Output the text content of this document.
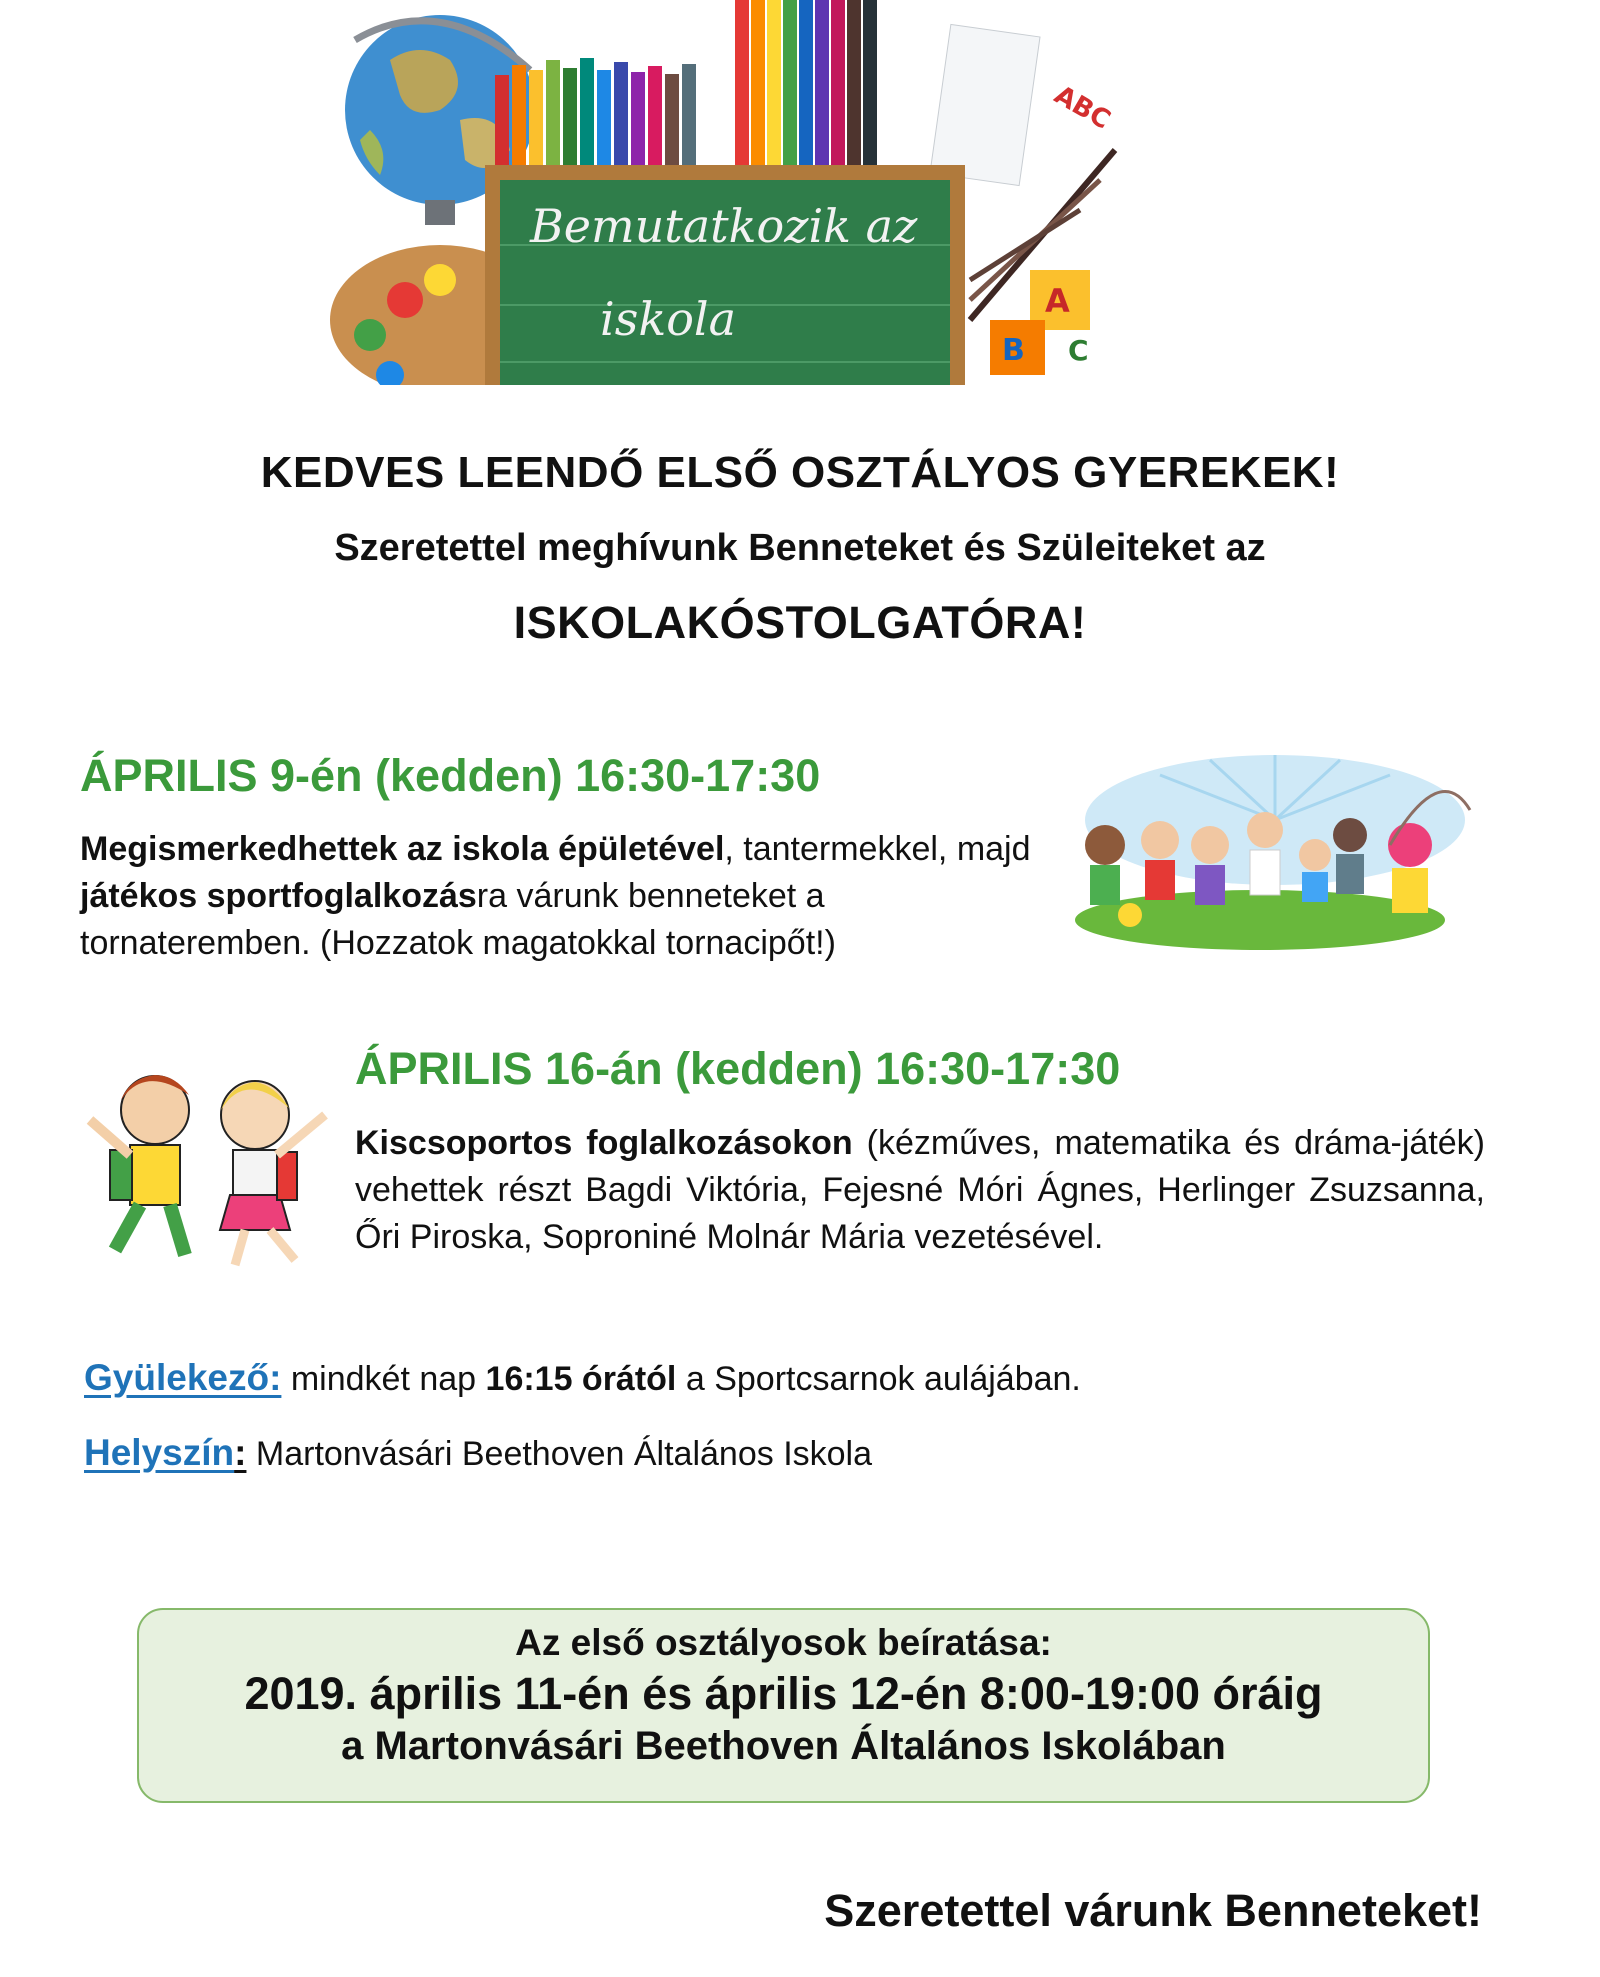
Bemutatkozik az
iskola
ABC
A
B C
KEDVES LEENDŐ ELSŐ OSZTÁLYOS GYEREKEK!
Szeretettel meghívunk Benneteket és Szüleiteket az
ISKOLAKÓSTOLGATÓRA!
ÁPRILIS 9-én (kedden) 16:30-17:30
Megismerkedhettek az iskola épületével, tantermekkel, majd játékos sportfoglalkozásra várunk benneteket a tornateremben. (Hozzatok magatokkal tornacipőt!)
ÁPRILIS 16-án (kedden) 16:30-17:30
Kiscsoportos foglalkozásokon (kézműves, matematika és dráma-játék) vehettek részt Bagdi Viktória, Fejesné Móri Ágnes, Herlinger Zsuzsanna, Őri Piroska, Soproniné Molnár Mária vezetésével.
Gyülekező: mindkét nap 16:15 órától a Sportcsarnok aulájában.
Helyszín: Martonvásári Beethoven Általános Iskola
Az első osztályosok beíratása:
2019. április 11-én és április 12-én 8:00-19:00 óráig
a Martonvásári Beethoven Általános Iskolában
Szeretettel várunk Benneteket!
